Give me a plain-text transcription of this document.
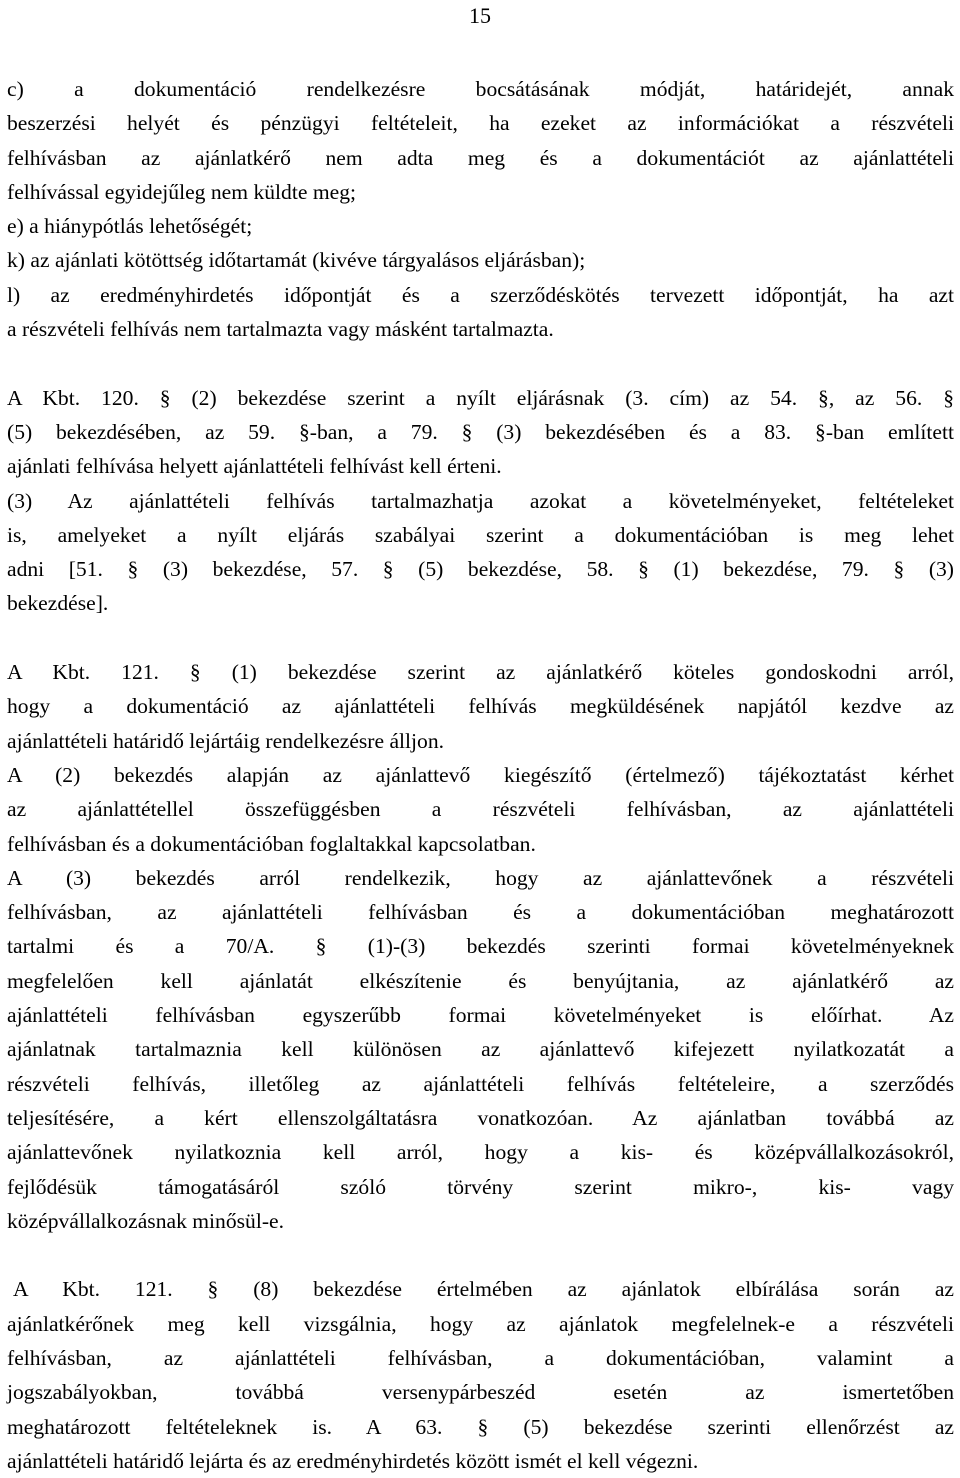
15
c) a dokumentáció rendelkezésre bocsátásának módját, határidejét, annak
beszerzési helyét és pénzügyi feltételeit, ha ezeket az információkat a részvételi
felhívásban az ajánlatkérő nem adta meg és a dokumentációt az ajánlattételi
felhívással egyidejűleg nem küldte meg;
e) a hiánypótlás lehetőségét;
k) az ajánlati kötöttség időtartamát (kivéve tárgyalásos eljárásban);
l) az eredményhirdetés időpontját és a szerződéskötés tervezett időpontját, ha azt
a részvételi felhívás nem tartalmazta vagy másként tartalmazta.
A Kbt. 120. § (2) bekezdése szerint a nyílt eljárásnak (3. cím) az 54. §, az 56. §
(5) bekezdésében, az 59. §-ban, a 79. § (3) bekezdésében és a 83. §-ban említett
ajánlati felhívása helyett ajánlattételi felhívást kell érteni.
(3) Az ajánlattételi felhívás tartalmazhatja azokat a követelményeket, feltételeket
is, amelyeket a nyílt eljárás szabályai szerint a dokumentációban is meg lehet
adni [51. § (3) bekezdése, 57. § (5) bekezdése, 58. § (1) bekezdése, 79. § (3)
bekezdése].
A Kbt. 121. § (1) bekezdése szerint az ajánlatkérő köteles gondoskodni arról,
hogy a dokumentáció az ajánlattételi felhívás megküldésének napjától kezdve az
ajánlattételi határidő lejártáig rendelkezésre álljon.
A (2) bekezdés alapján az ajánlattevő kiegészítő (értelmező) tájékoztatást kérhet
az ajánlattétellel összefüggésben a részvételi felhívásban, az ajánlattételi
felhívásban és a dokumentációban foglaltakkal kapcsolatban.
A (3) bekezdés arról rendelkezik, hogy az ajánlattevőnek a részvételi
felhívásban, az ajánlattételi felhívásban és a dokumentációban meghatározott
tartalmi és a 70/A. § (1)-(3) bekezdés szerinti formai követelményeknek
megfelelően kell ajánlatát elkészítenie és benyújtania, az ajánlatkérő az
ajánlattételi felhívásban egyszerűbb formai követelményeket is előírhat. Az
ajánlatnak tartalmaznia kell különösen az ajánlattevő kifejezett nyilatkozatát a
részvételi felhívás, illetőleg az ajánlattételi felhívás feltételeire, a szerződés
teljesítésére, a kért ellenszolgáltatásra vonatkozóan. Az ajánlatban továbbá az
ajánlattevőnek nyilatkoznia kell arról, hogy a kis- és középvállalkozásokról,
fejlődésük támogatásáról szóló törvény szerint mikro-, kis- vagy
középvállalkozásnak minősül-e.
A Kbt. 121. § (8) bekezdése értelmében az ajánlatok elbírálása során az
ajánlatkérőnek meg kell vizsgálnia, hogy az ajánlatok megfelelnek-e a részvételi
felhívásban, az ajánlattételi felhívásban, a dokumentációban, valamint a
jogszabályokban, továbbá versenypárbeszéd esetén az ismertetőben
meghatározott feltételeknek is. A 63. § (5) bekezdése szerinti ellenőrzést az
ajánlattételi határidő lejárta és az eredményhirdetés között ismét el kell végezni.
